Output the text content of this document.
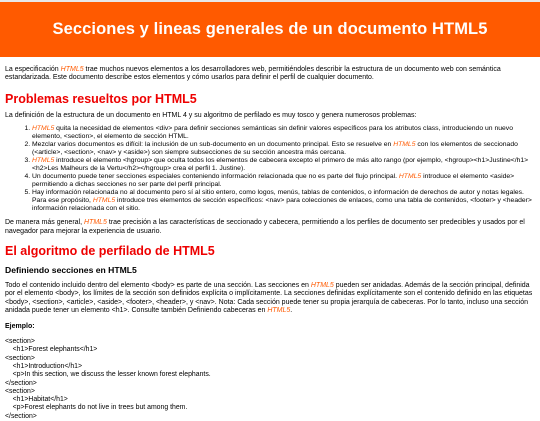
Secciones y lineas generales de un documento HTML5

La especificación HTML5 trae muchos nuevos elementos a los desarrolladores web, permitiéndoles describir la estructura de un documento web con semántica estandarizada. Este documento describe estos elementos y cómo usarlos para definir el perfil de cualquier documento.

Problemas resueltos por HTML5

La definición de la estructura de un documento en HTML 4 y su algoritmo de perfilado es muy tosco y genera numerosos problemas:

1. HTML5 quita la necesidad de elementos <div> para definir secciones semánticas sin definir valores específicos para los atributos class, introduciendo un nuevo elemento, <section>, el elemento de sección HTML.
2. Mezclar varios documentos es difícil: la inclusión de un sub-documento en un documento principal. Esto se resuelve en HTML5 con los elementos de seccionado (<article>, <section>, <nav> y <aside>) son siempre subsecciones de su sección ancestra más cercana.
3. HTML5 introduce el elemento <hgroup> que oculta todos los elementos de cabecera excepto el primero de más alto rango (por ejemplo, <hgroup><h1>Justine</h1><h2>Les Malheurs de la Vertu</h2></hgroup> crea el perfil 1. Justine).
4. Un documento puede tener secciones especiales conteniendo información relacionada que no es parte del flujo principal. HTML5 introduce el elemento <aside> permitiendo a dichas secciones no ser parte del perfil principal.
5. Hay información relacionada no al documento pero sí al sitio entero, como logos, menús, tablas de contenidos, o información de derechos de autor y notas legales. Para ese propósito, HTML5 introduce tres elementos de sección específicos: <nav> para colecciones de enlaces, como una tabla de contenidos, <footer> y <header> información relacionada con el sitio.

De manera más general, HTML5 trae precisión a las características de seccionado y cabecera, permitiendo a los perfiles de documento ser predecibles y usados por el navegador para mejorar la experiencia de usuario.

El algoritmo de perfilado de HTML5
Definiendo secciones en HTML5

Todo el contenido incluido dentro del elemento <body> es parte de una sección. Las secciones en HTML5 pueden ser anidadas. Además de la sección principal, definida por el elemento <body>, los límites de la sección son definidos explícita o implícitamente. La secciones definidas explícitamente son el contenido definido en las etiquetas <body>, <section>, <article>, <aside>, <footer>, <header>, y <nav>. Nota: Cada sección puede tener su propia jerarquía de cabeceras. Por lo tanto, incluso una sección anidada puede tener un elemento <h1>. Consulte también Definiendo cabeceras en HTML5.

Ejemplo:
<section>
<h1>Forest elephants</h1>
<section>
<h1>Introduction</h1>
<p>In this section, we discuss the lesser known forest elephants.
</section>
<section>
<h1>Habitat</h1>
<p>Forest elephants do not live in trees but among them.
</section>
